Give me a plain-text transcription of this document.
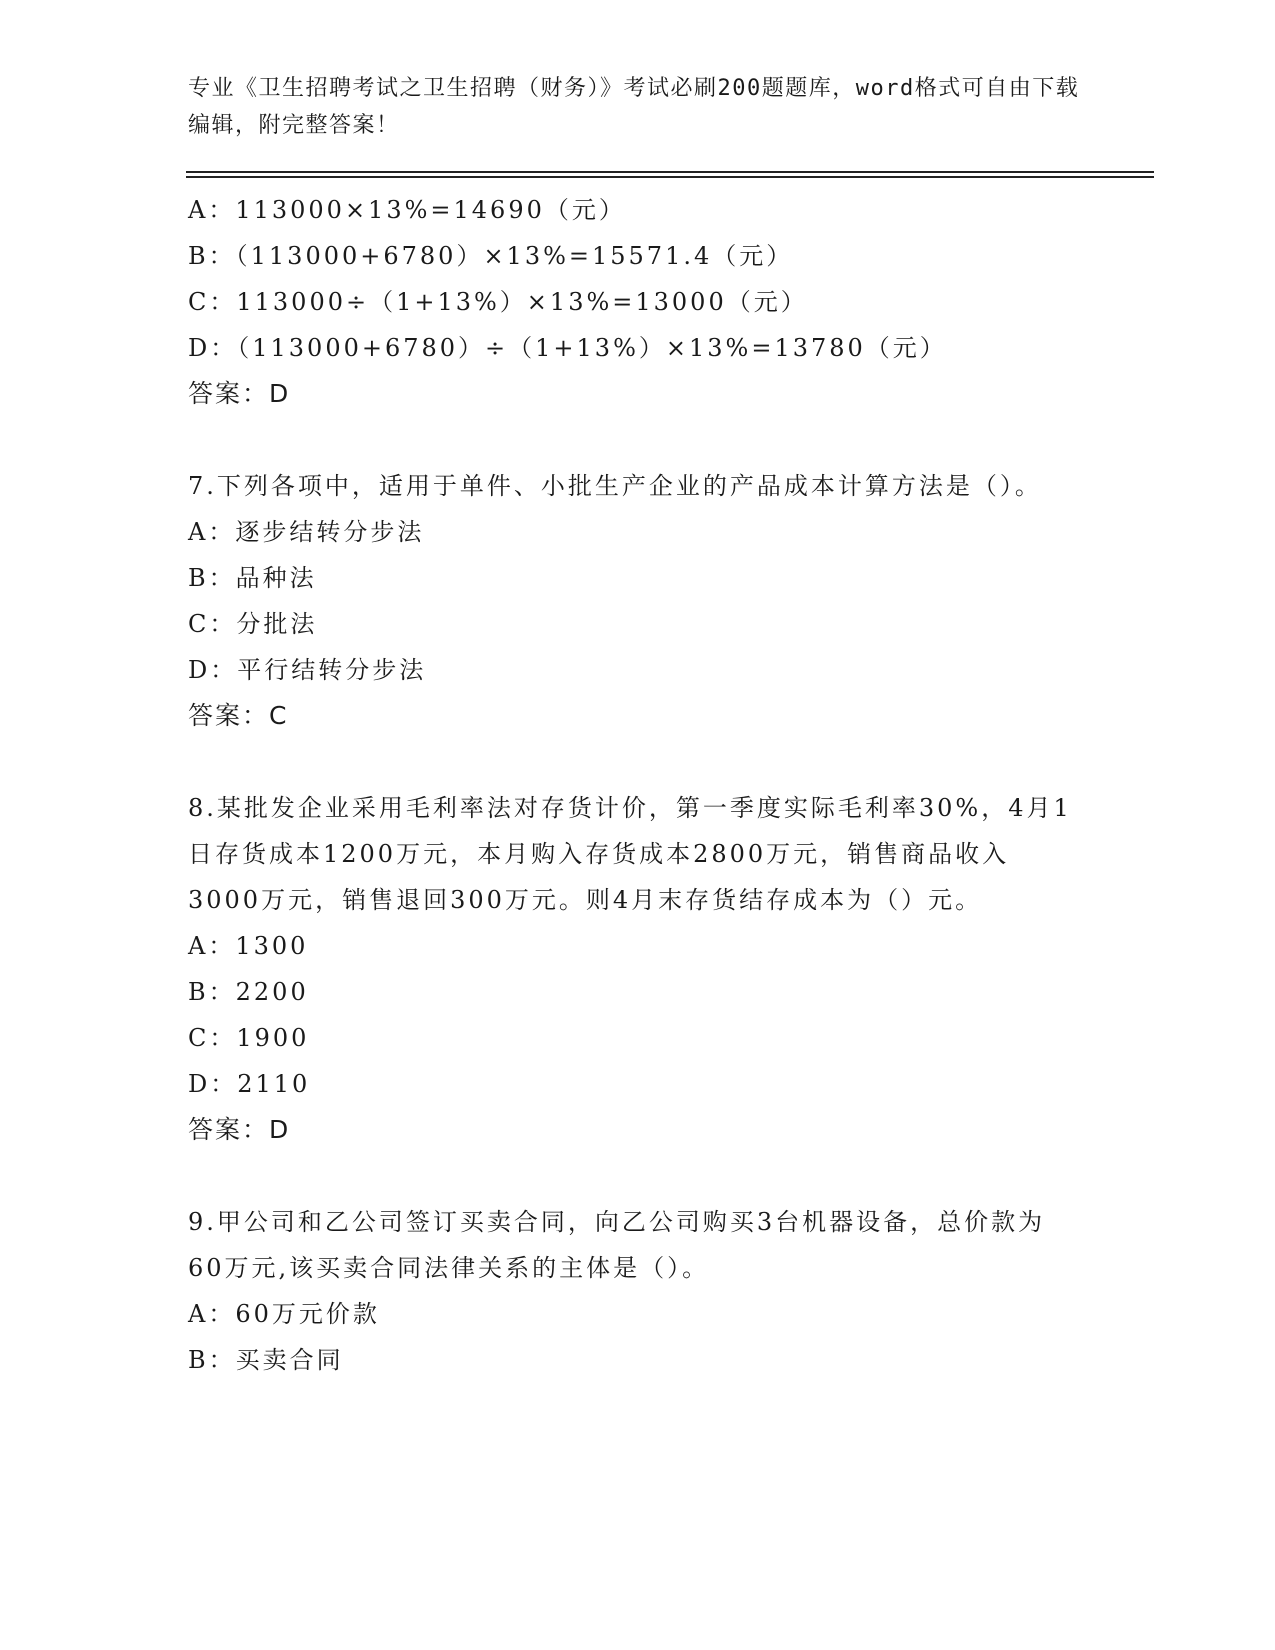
专业《卫生招聘考试之卫生招聘（财务）》考试必刷200题题库，word格式可自由下载编辑，附完整答案！
A：113000×13%=14690（元）
B：（113000+6780）×13%=15571.4（元）
C：113000÷（1+13%）×13%=13000（元）
D：（113000+6780）÷（1+13%）×13%=13780（元）
答案：D
7.下列各项中，适用于单件、小批生产企业的产品成本计算方法是（）。
A：逐步结转分步法
B：品种法
C：分批法
D：平行结转分步法
答案：C
8.某批发企业采用毛利率法对存货计价，第一季度实际毛利率30%，4月1日存货成本1200万元，本月购入存货成本2800万元，销售商品收入3000万元，销售退回300万元。则4月末存货结存成本为（）元。
A：1300
B：2200
C：1900
D：2110
答案：D
9.甲公司和乙公司签订买卖合同，向乙公司购买3台机器设备，总价款为60万元,该买卖合同法律关系的主体是（）。
A：60万元价款
B：买卖合同
